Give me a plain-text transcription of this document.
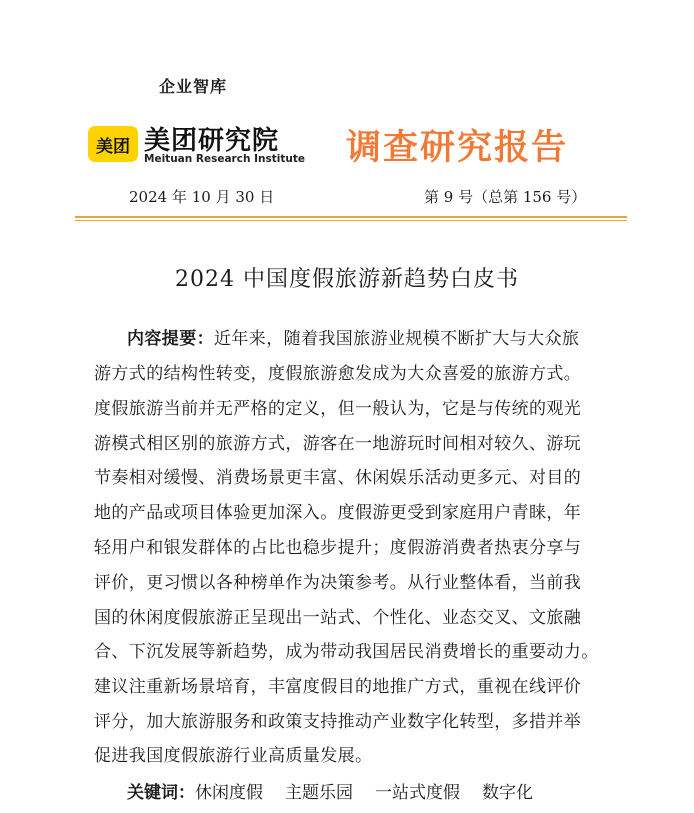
企业智库
美团 美团研究院
Meituan Research Institute 调查研究报告
2024 年 10 月 30 日	第 9 号（总第 156 号）
2024 中国度假旅游新趋势白皮书
内容提要：近年来，随着我国旅游业规模不断扩大与大众旅
游方式的结构性转变，度假旅游愈发成为大众喜爱的旅游方式。
度假旅游当前并无严格的定义，但一般认为，它是与传统的观光
游模式相区别的旅游方式，游客在一地游玩时间相对较久、游玩
节奏相对缓慢、消费场景更丰富、休闲娱乐活动更多元、对目的
地的产品或项目体验更加深入。度假游更受到家庭用户青睐，年
轻用户和银发群体的占比也稳步提升；度假游消费者热衷分享与
评价，更习惯以各种榜单作为决策参考。从行业整体看，当前我
国的休闲度假旅游正呈现出一站式、个性化、业态交叉、文旅融
合、下沉发展等新趋势，成为带动我国居民消费增长的重要动力。
建议注重新场景培育，丰富度假目的地推广方式，重视在线评价
评分，加大旅游服务和政策支持推动产业数字化转型，多措并举
促进我国度假旅游行业高质量发展。
关键词：休闲度假 主题乐园 一站式度假 数字化
